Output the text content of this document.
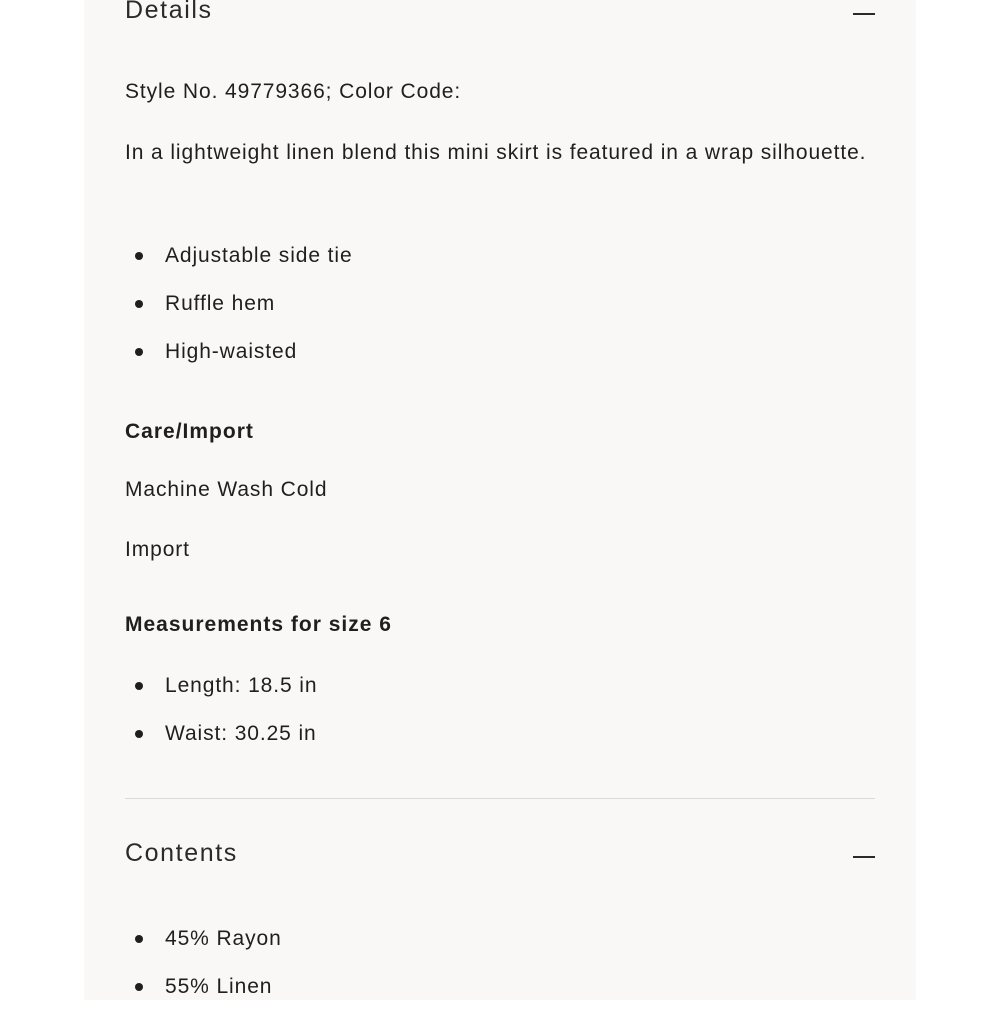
Details
Style No. 49779366; Color Code:
In a lightweight linen blend this mini skirt is featured in a wrap silhouette.
Adjustable side tie
Ruffle hem
High-waisted
Care/Import
Machine Wash Cold
Import
Measurements for size 6
Length: 18.5 in
Waist: 30.25 in
Contents
45% Rayon
55% Linen
